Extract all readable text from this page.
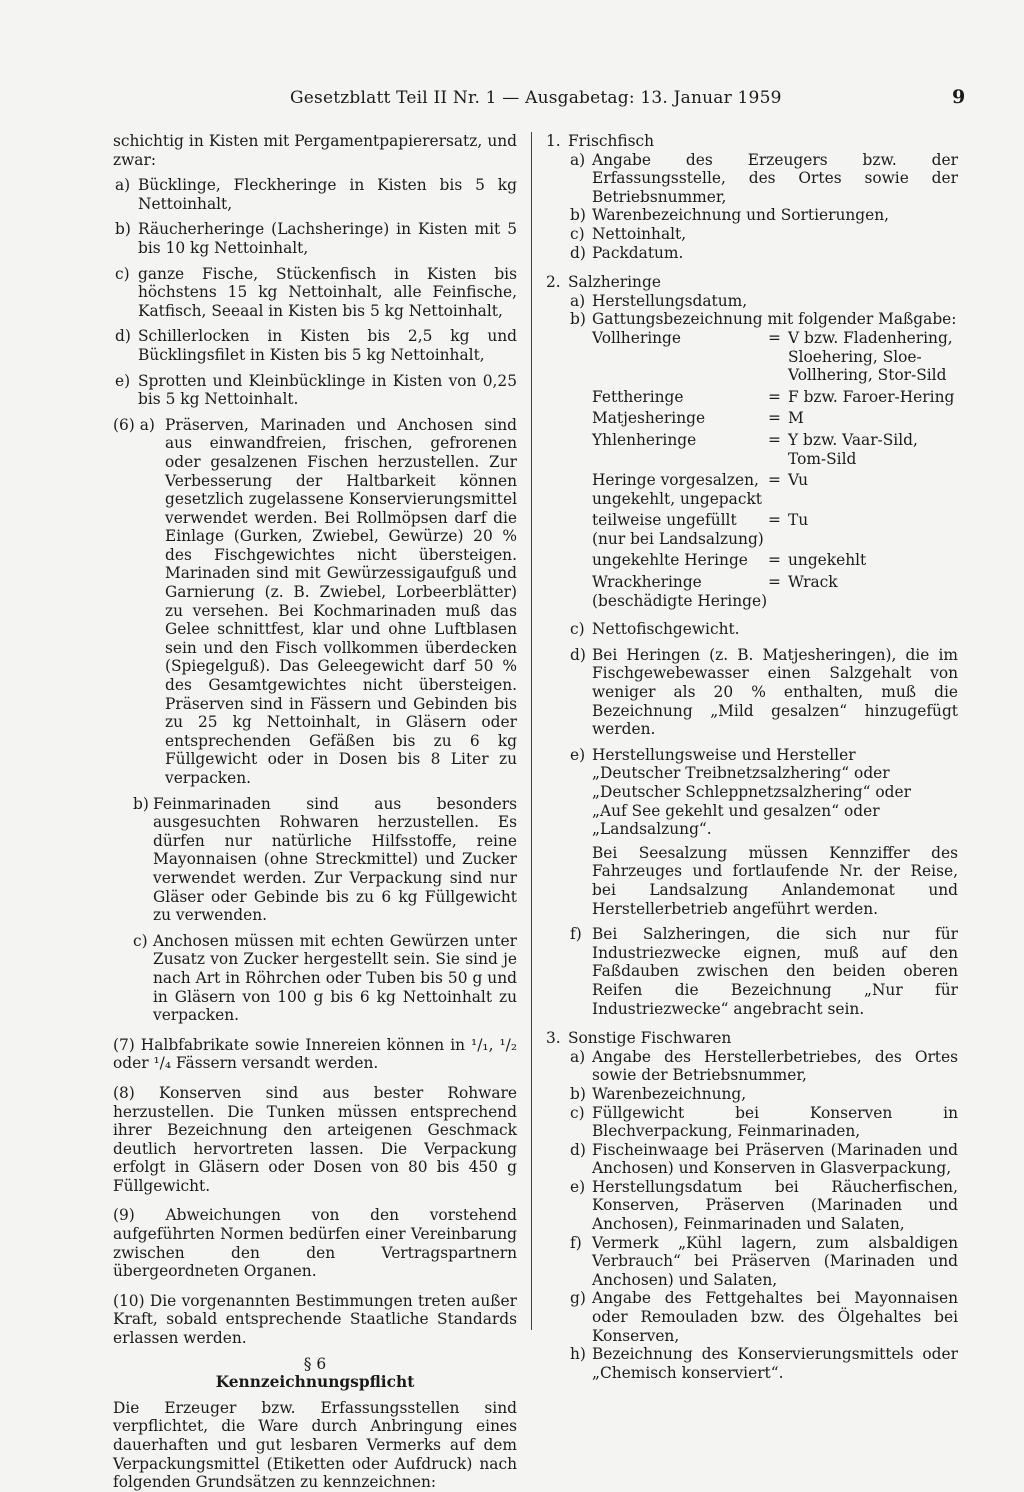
Gesetzblatt Teil II Nr. 1 — Ausgabetag: 13. Januar 1959	9

schichtig in Kisten mit Pergamentpapierersatz, und zwar:

a) Bücklinge, Fleckheringe in Kisten bis 5 kg Nettoinhalt,
b) Räucherheringe (Lachsheringe) in Kisten mit 5 bis 10 kg Nettoinhalt,
c) ganze Fische, Stückenfisch in Kisten bis höchstens 15 kg Nettoinhalt, alle Feinfische, Katfisch, Seeaal in Kisten bis 5 kg Nettoinhalt,
d) Schillerlocken in Kisten bis 2,5 kg und Bücklingsfilet in Kisten bis 5 kg Nettoinhalt,
e) Sprotten und Kleinbücklinge in Kisten von 0,25 bis 5 kg Nettoinhalt.
(6) a) Präserven, Marinaden und Anchosen sind aus einwandfreien, frischen, gefrorenen oder gesalzenen Fischen herzustellen. Zur Verbesserung der Haltbarkeit können gesetzlich zugelassene Konservierungsmittel verwendet werden. Bei Rollmöpsen darf die Einlage (Gurken, Zwiebel, Gewürze) 20 % des Fischgewichtes nicht übersteigen. Marinaden sind mit Gewürzessigaufguß und Garnierung (z. B. Zwiebel, Lorbeerblätter) zu versehen. Bei Kochmarinaden muß das Gelee schnittfest, klar und ohne Luftblasen sein und den Fisch vollkommen überdecken (Spiegelguß). Das Geleegewicht darf 50 % des Gesamtgewichtes nicht übersteigen. Präserven sind in Fässern und Gebinden bis zu 25 kg Nettoinhalt, in Gläsern oder entsprechenden Gefäßen bis zu 6 kg Füllgewicht oder in Dosen bis 8 Liter zu verpacken.
b) Feinmarinaden sind aus besonders ausgesuchten Rohwaren herzustellen. Es dürfen nur natürliche Hilfsstoffe, reine Mayonnaisen (ohne Streckmittel) und Zucker verwendet werden. Zur Verpackung sind nur Gläser oder Gebinde bis zu 6 kg Füllgewicht zu verwenden.
c) Anchosen müssen mit echten Gewürzen unter Zusatz von Zucker hergestellt sein. Sie sind je nach Art in Röhrchen oder Tuben bis 50 g und in Gläsern von 100 g bis 6 kg Nettoinhalt zu verpacken.

(7) Halbfabrikate sowie Innereien können in ¹/₁, ¹/₂ oder ¹/₄ Fässern versandt werden.

(8) Konserven sind aus bester Rohware herzustellen. Die Tunken müssen entsprechend ihrer Bezeichnung den arteigenen Geschmack deutlich hervortreten lassen. Die Verpackung erfolgt in Gläsern oder Dosen von 80 bis 450 g Füllgewicht.

(9) Abweichungen von den vorstehend aufgeführten Normen bedürfen einer Vereinbarung zwischen den den Vertragspartnern übergeordneten Organen.

(10) Die vorgenannten Bestimmungen treten außer Kraft, sobald entsprechende Staatliche Standards erlassen werden.

§ 6

Kennzeichnungspflicht

Die Erzeuger bzw. Erfassungsstellen sind verpflichtet, die Ware durch Anbringung eines dauerhaften und gut lesbaren Vermerks auf dem Verpackungsmittel (Etiketten oder Aufdruck) nach folgenden Grundsätzen zu kennzeichnen:

1. Frischfisch
a) Angabe des Erzeugers bzw. der Erfassungsstelle, des Ortes sowie der Betriebsnummer,
b) Warenbezeichnung und Sortierungen,
c) Nettoinhalt,
d) Packdatum.
2. Salzheringe
a) Herstellungsdatum,
b) Gattungsbezeichnung mit folgender Maßgabe:
Vollheringe	=	V bzw. Fladenhering, Sloehering, Sloe-Vollhering, Stor-Sild
Fettheringe	=	F bzw. Faroer-Hering
Matjesheringe	=	M
Yhlenheringe	=	Y bzw. Vaar-Sild, Tom-Sild
Heringe vorgesalzen, ungekehlt, ungepackt	=	Vu
teilweise ungefüllt (nur bei Landsalzung)	=	Tu
ungekehlte Heringe	=	ungekehlt
Wrackheringe (beschädigte Heringe)	=	Wrack
c) Nettofischgewicht.
d) Bei Heringen (z. B. Matjesheringen), die im Fischgewebewasser einen Salzgehalt von weniger als 20 % enthalten, muß die Bezeichnung „Mild gesalzen“ hinzugefügt werden.
e) Herstellungsweise und Hersteller
„Deutscher Treibnetzsalzhering“ oder
„Deutscher Schleppnetzsalzhering“ oder
„Auf See gekehlt und gesalzen“ oder
„Landsalzung“.
Bei Seesalzung müssen Kennziffer des Fahrzeuges und fortlaufende Nr. der Reise, bei Landsalzung Anlandemonat und Herstellerbetrieb angeführt werden.
f) Bei Salzheringen, die sich nur für Industriezwecke eignen, muß auf den Faßdauben zwischen den beiden oberen Reifen die Bezeichnung „Nur für Industriezwecke“ angebracht sein.
3. Sonstige Fischwaren
a) Angabe des Herstellerbetriebes, des Ortes sowie der Betriebsnummer,
b) Warenbezeichnung,
c) Füllgewicht bei Konserven in Blechverpackung, Feinmarinaden,
d) Fischeinwaage bei Präserven (Marinaden und Anchosen) und Konserven in Glasverpackung,
e) Herstellungsdatum bei Räucherfischen, Konserven, Präserven (Marinaden und Anchosen), Feinmarinaden und Salaten,
f) Vermerk „Kühl lagern, zum alsbaldigen Verbrauch“ bei Präserven (Marinaden und Anchosen) und Salaten,
g) Angabe des Fettgehaltes bei Mayonnaisen oder Remouladen bzw. des Ölgehaltes bei Konserven,
h) Bezeichnung des Konservierungsmittels oder „Chemisch konserviert“.
